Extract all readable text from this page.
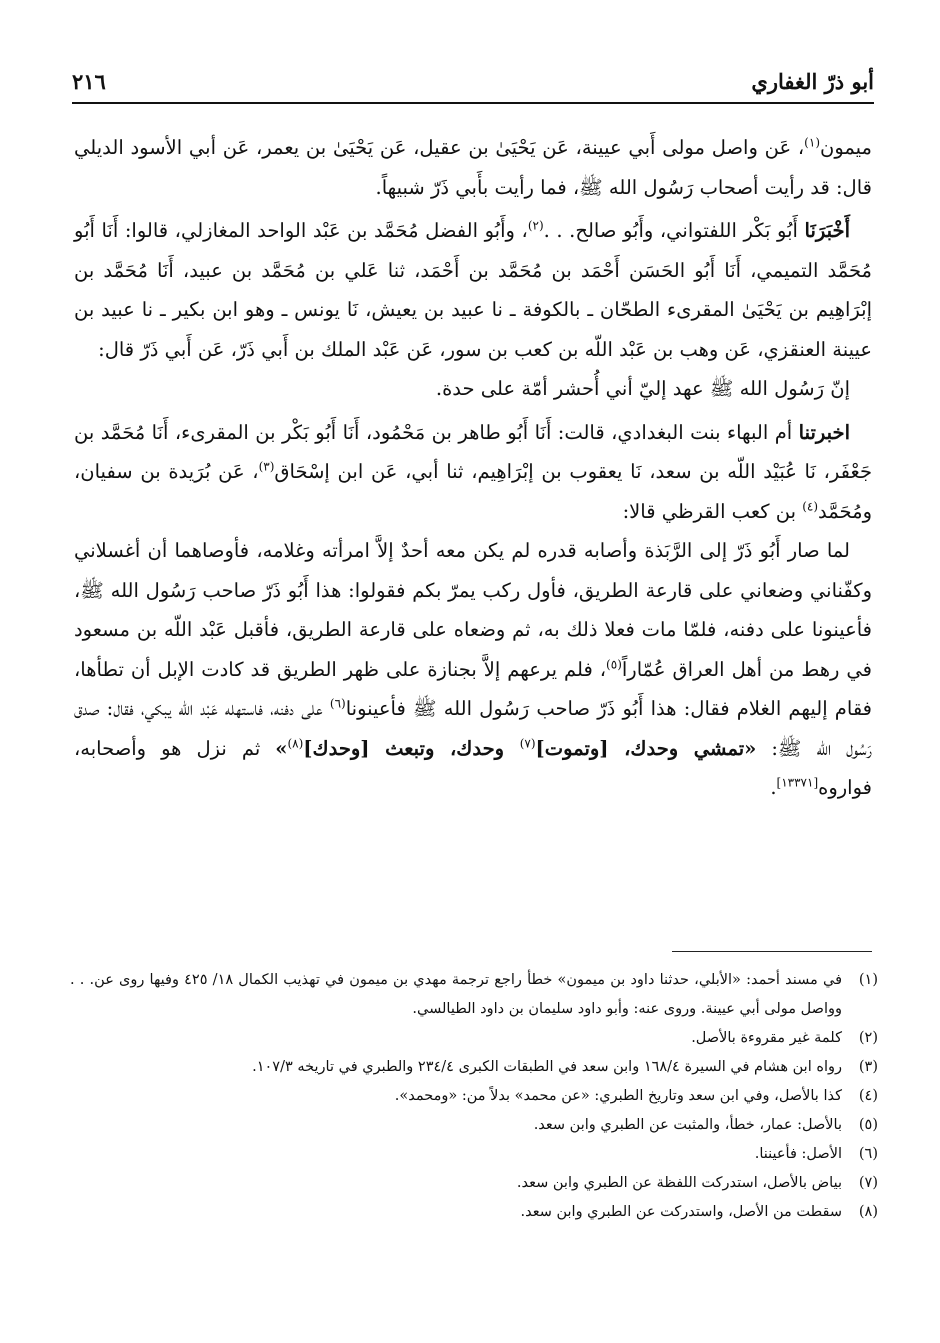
أبو ذرّ الغفاري
٢١٦

ميمون$^{(١)}$، عَن واصل مولى أَبي عيينة، عَن يَحْيَىٰ بن عقيل، عَن يَحْيَىٰ بن يعمر، عَن أبي الأسود الديلي قال: قد رأيت أصحاب رَسُول الله ﷺ، فما رأيت بأَبي ذَرّ شبيهاً.

أَخْبَرَنَا أَبُو بَكْر اللفتواني، وأَبُو صالح. . .$^{(٢)}$، وأَبُو الفضل مُحَمَّد بن عَبْد الواحد المغازلي، قالوا: أَنَا أَبُو مُحَمَّد التميمي، أَنَا أَبُو الحَسَن أَحْمَد بن مُحَمَّد بن أَحْمَد، ثنا عَلي بن مُحَمَّد بن عبيد، أَنَا مُحَمَّد بن إبْرَاهِيم بن يَحْيَىٰ المقرىء الطحّان ـ بالكوفة ـ نا عبيد بن يعيش، نَا يونس ـ وهو ابن بكير ـ نا عبيد بن عيينة العنقزي، عَن وهب بن عَبْد اللّه بن كعب بن سور، عَن عَبْد الملك بن أَبي ذَرّ، عَن أَبي ذَرّ قال:

إنّ رَسُول الله ﷺ عهد إليّ أني أُحشر أمّة على حدة.

اخبرتنا أم البهاء بنت البغدادي، قالت: أَنَا أَبُو طاهر بن مَحْمُود، أَنَا أَبُو بَكْر بن المقرىء، أَنَا مُحَمَّد بن جَعْفَر، نَا عُبَيْد اللّه بن سعد، نَا يعقوب بن إبْرَاهِيم، ثنا أبي، عَن ابن إسْحَاق$^{(٣)}$، عَن بُرَيدة بن سفيان، ومُحَمَّد$^{(٤)}$ بن كعب القرظي قالا:

لما صار أَبُو ذَرّ إلى الرَّبَذة وأصابه قدره لم يكن معه أحدٌ إلاَّ امرأته وغلامه، فأوصاهما أن أغسلاني وكفّناني وضعاني على قارعة الطريق، فأول ركب يمرّ بكم فقولوا: هذا أَبُو ذَرّ صاحب رَسُول الله ﷺ، فأعينونا على دفنه، فلمّا مات فعلا ذلك به، ثم وضعاه على قارعة الطريق، فأقبل عَبْد اللّه بن مسعود في رهط من أهل العراق عُمّاراً$^{(٥)}$، فلم يرعهم إلاَّ بجنازة على ظهر الطريق قد كادت الإبل أن تطأها، فقام إليهم الغلام فقال: هذا أَبُو ذَرّ صاحب رَسُول الله ﷺ فأعينونا$^{(٦)}$ على دفنه، فاستهله عَبْد اللّه يبكي، فقال: صدق رَسُول الله ﷺ: «تمشي وحدك، [وتموت]$^{(٧)}$ وحدك، وتبعث [وحدك]$^{(٨)}$» ثم نزل هو وأصحابه، فواروه[١٣٣٧١].

(١)
في مسند أحمد: «الأبلي، حدثنا داود بن ميمون» خطأ راجع ترجمة مهدي بن ميمون في تهذيب الكمال ١٨/ ٤٢٥ وفيها روى عن. . . وواصل مولى أبي عيينة. وروى عنه: وأبو داود سليمان بن داود الطيالسي.
(٢)
كلمة غير مقروءة بالأصل.
(٣)
رواه ابن هشام في السيرة ١٦٨/٤ وابن سعد في الطبقات الكبرى ٢٣٤/٤ والطبري في تاريخه ١٠٧/٣.
(٤)
كذا بالأصل، وفي ابن سعد وتاريخ الطبري: «عن محمد» بدلاً من: «ومحمد».
(٥)
بالأصل: عمار، خطأ، والمثبت عن الطبري وابن سعد.
(٦)
الأصل: فأعيننا.
(٧)
بياض بالأصل، استدركت اللفظة عن الطبري وابن سعد.
(٨)
سقطت من الأصل، واستدركت عن الطبري وابن سعد.
